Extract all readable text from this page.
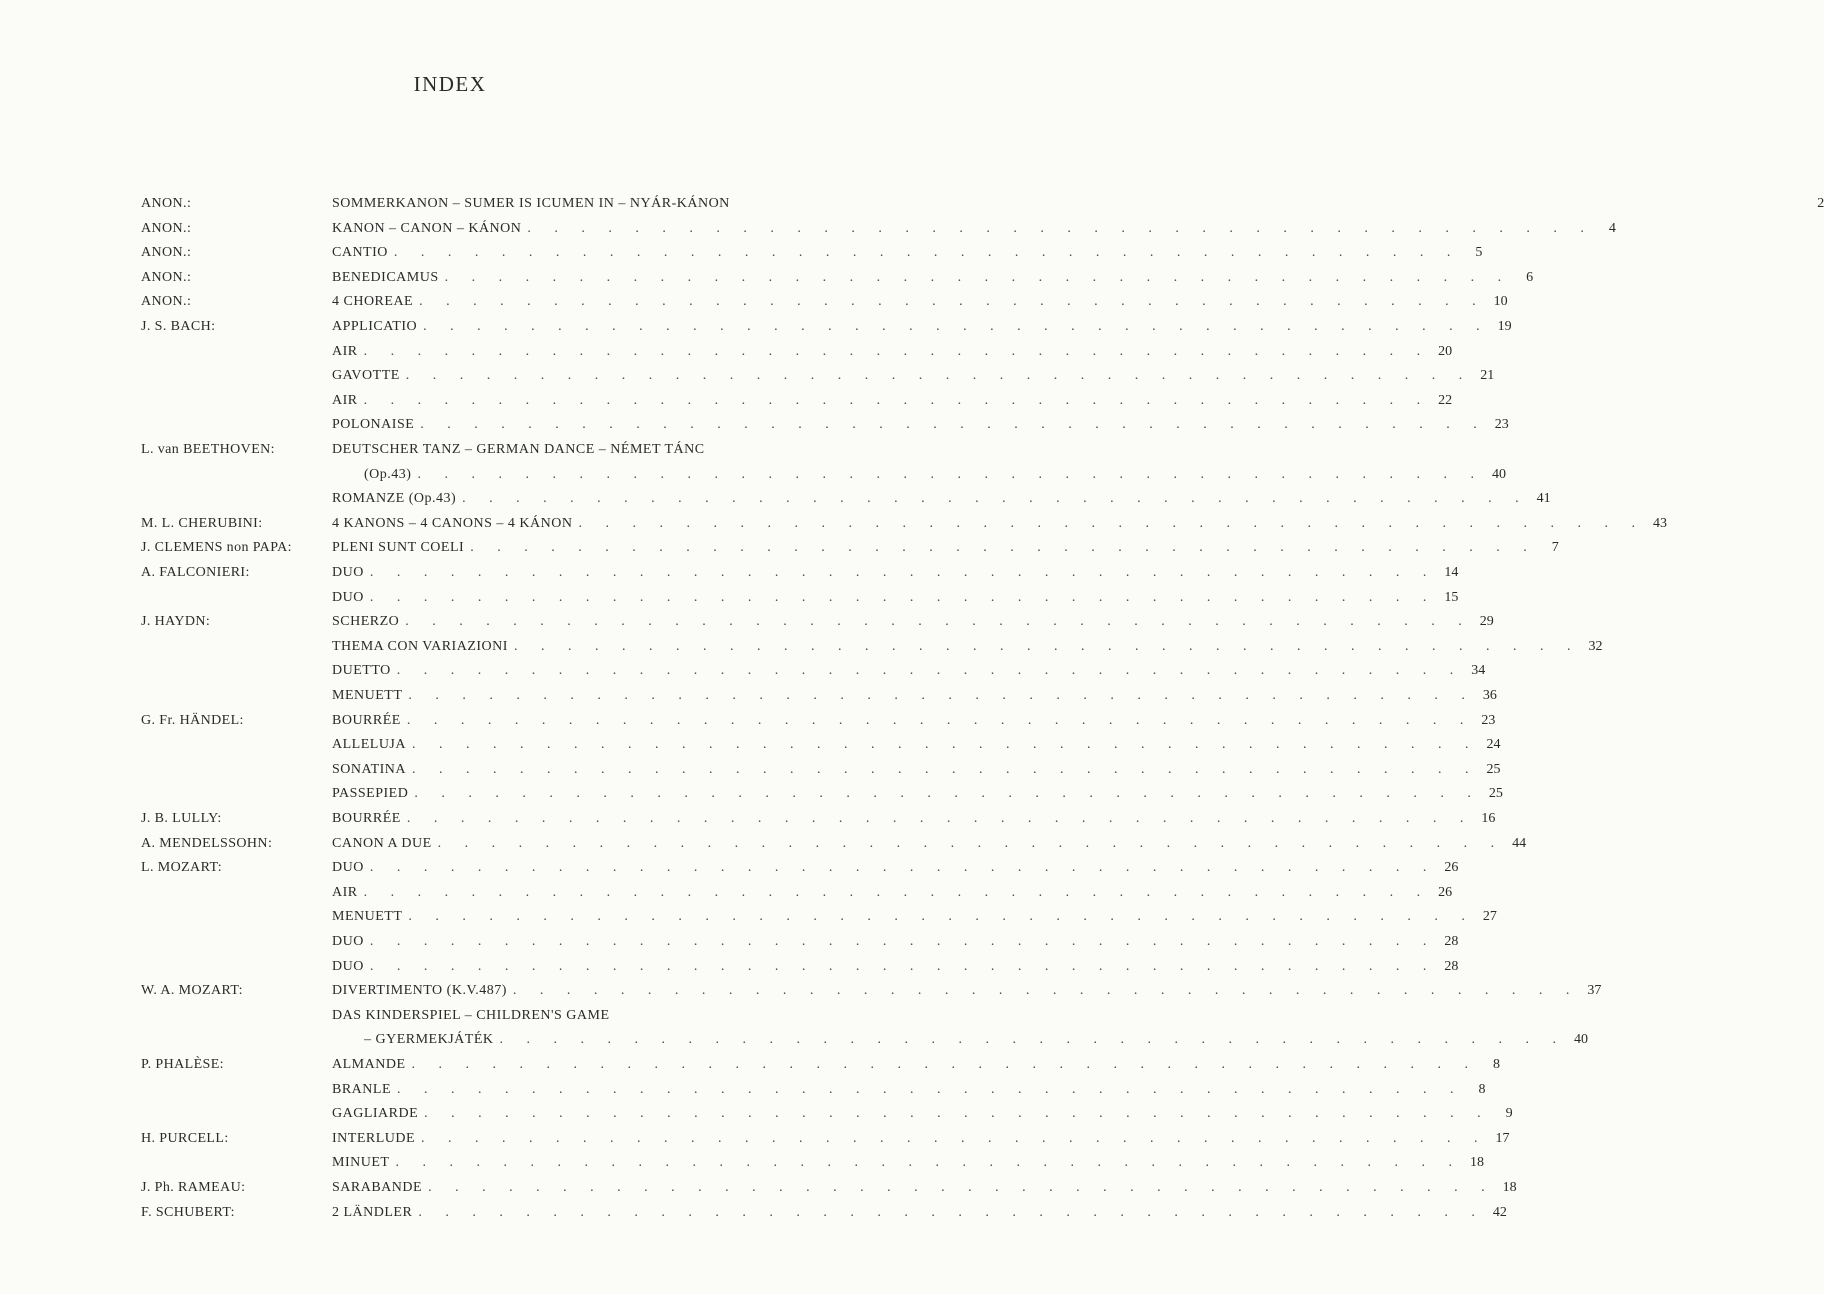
INDEX
ANON.:	SOMMERKANON – SUMER IS ICUMEN IN – NYÁR-KÁNON	2
ANON.:	KANON – CANON – KÁNON . . . . . . . . . . . . . . . . . . . . . . . . . . . . . . . . . . . . . . . .	4
ANON.:	CANTIO . . . . . . . . . . . . . . . . . . . . . . . . . . . . . . . . . . . . . . . .	5
ANON.:	BENEDICAMUS . . . . . . . . . . . . . . . . . . . . . . . . . . . . . . . . . . . . . . . .	6
ANON.:	4 CHOREAE . . . . . . . . . . . . . . . . . . . . . . . . . . . . . . . . . . . . . . . . 10
J. S. BACH:	APPLICATIO . . . . . . . . . . . . . . . . . . . . . . . . . . . . . . . . . . . . . . . . 19
AIR . . . . . . . . . . . . . . . . . . . . . . . . . . . . . . . . . . . . . . . . 20
GAVOTTE . . . . . . . . . . . . . . . . . . . . . . . . . . . . . . . . . . . . . . . . 21
AIR . . . . . . . . . . . . . . . . . . . . . . . . . . . . . . . . . . . . . . . . 22
POLONAISE . . . . . . . . . . . . . . . . . . . . . . . . . . . . . . . . . . . . . . . . 23
L. van BEETHOVEN:	DEUTSCHER TANZ – GERMAN DANCE – NÉMET TÁNC
(Op.43) . . . . . . . . . . . . . . . . . . . . . . . . . . . . . . . . . . . . . . . . 40
ROMANZE (Op.43) . . . . . . . . . . . . . . . . . . . . . . . . . . . . . . . . . . . . . . . . 41
M. L. CHERUBINI:	4 KANONS – 4 CANONS – 4 KÁNON . . . . . . . . . . . . . . . . . . . . . . . . . . . . . . . . . . . . . . . . 43
J. CLEMENS non PAPA:	PLENI SUNT COELI . . . . . . . . . . . . . . . . . . . . . . . . . . . . . . . . . . . . . . . .	7
A. FALCONIERI:	DUO . . . . . . . . . . . . . . . . . . . . . . . . . . . . . . . . . . . . . . . . 14
DUO . . . . . . . . . . . . . . . . . . . . . . . . . . . . . . . . . . . . . . . . 15
J. HAYDN:	SCHERZO . . . . . . . . . . . . . . . . . . . . . . . . . . . . . . . . . . . . . . . . 29
THEMA CON VARIAZIONI . . . . . . . . . . . . . . . . . . . . . . . . . . . . . . . . . . . . . . . . 32
DUETTO . . . . . . . . . . . . . . . . . . . . . . . . . . . . . . . . . . . . . . . . 34
MENUETT . . . . . . . . . . . . . . . . . . . . . . . . . . . . . . . . . . . . . . . . 36
G. Fr. HÄNDEL:	BOURRÉE . . . . . . . . . . . . . . . . . . . . . . . . . . . . . . . . . . . . . . . . 23
ALLELUJA . . . . . . . . . . . . . . . . . . . . . . . . . . . . . . . . . . . . . . . . 24
SONATINA . . . . . . . . . . . . . . . . . . . . . . . . . . . . . . . . . . . . . . . . 25
PASSEPIED . . . . . . . . . . . . . . . . . . . . . . . . . . . . . . . . . . . . . . . . 25
J. B. LULLY:	BOURRÉE . . . . . . . . . . . . . . . . . . . . . . . . . . . . . . . . . . . . . . . . 16
A. MENDELSSOHN:	CANON A DUE . . . . . . . . . . . . . . . . . . . . . . . . . . . . . . . . . . . . . . . . 44
L. MOZART:	DUO . . . . . . . . . . . . . . . . . . . . . . . . . . . . . . . . . . . . . . . . 26
AIR . . . . . . . . . . . . . . . . . . . . . . . . . . . . . . . . . . . . . . . . 26
MENUETT . . . . . . . . . . . . . . . . . . . . . . . . . . . . . . . . . . . . . . . . 27
DUO . . . . . . . . . . . . . . . . . . . . . . . . . . . . . . . . . . . . . . . . 28
DUO . . . . . . . . . . . . . . . . . . . . . . . . . . . . . . . . . . . . . . . . 28
W. A. MOZART:	DIVERTIMENTO (K.V.487) . . . . . . . . . . . . . . . . . . . . . . . . . . . . . . . . . . . . . . . . 37
DAS KINDERSPIEL – CHILDREN'S GAME
– GYERMEKJÁTÉK . . . . . . . . . . . . . . . . . . . . . . . . . . . . . . . . . . . . . . . . 40
P. PHALÈSE:	ALMANDE . . . . . . . . . . . . . . . . . . . . . . . . . . . . . . . . . . . . . . . .	8
BRANLE . . . . . . . . . . . . . . . . . . . . . . . . . . . . . . . . . . . . . . . .	8
GAGLIARDE . . . . . . . . . . . . . . . . . . . . . . . . . . . . . . . . . . . . . . . .	9
H. PURCELL:	INTERLUDE . . . . . . . . . . . . . . . . . . . . . . . . . . . . . . . . . . . . . . . . 17
MINUET . . . . . . . . . . . . . . . . . . . . . . . . . . . . . . . . . . . . . . . . 18
J. Ph. RAMEAU:	SARABANDE . . . . . . . . . . . . . . . . . . . . . . . . . . . . . . . . . . . . . . . . 18
F. SCHUBERT:	2 LÄNDLER . . . . . . . . . . . . . . . . . . . . . . . . . . . . . . . . . . . . . . . . 42
